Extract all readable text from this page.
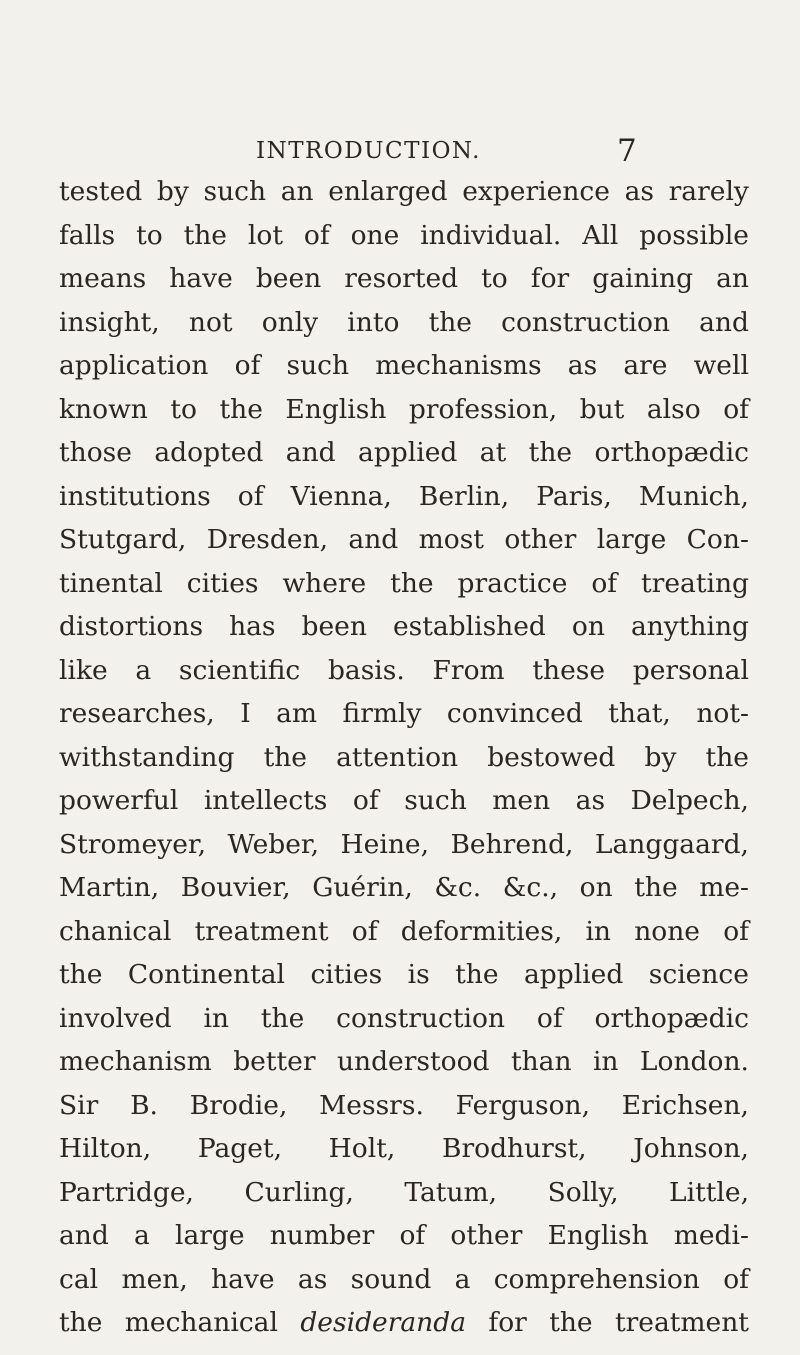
INTRODUCTION.	7
tested by such an enlarged experience as rarely
falls to the lot of one individual. All possible
means have been resorted to for gaining an
insight, not only into the construction and
application of such mechanisms as are well
known to the English profession, but also of
those adopted and applied at the orthopædic
institutions of Vienna, Berlin, Paris, Munich,
Stutgard, Dresden, and most other large Con-
tinental cities where the practice of treating
distortions has been established on anything
like a scientific basis. From these personal
researches, I am firmly convinced that, not-
withstanding the attention bestowed by the
powerful intellects of such men as Delpech,
Stromeyer, Weber, Heine, Behrend, Langgaard,
Martin, Bouvier, Guérin, &c. &c., on the me-
chanical treatment of deformities, in none of
the Continental cities is the applied science
involved in the construction of orthopædic
mechanism better understood than in London.
Sir B. Brodie, Messrs. Ferguson, Erichsen,
Hilton, Paget, Holt, Brodhurst, Johnson,
Partridge, Curling, Tatum, Solly, Little,
and a large number of other English medi-
cal men, have as sound a comprehension of
the mechanical desideranda for the treatment
